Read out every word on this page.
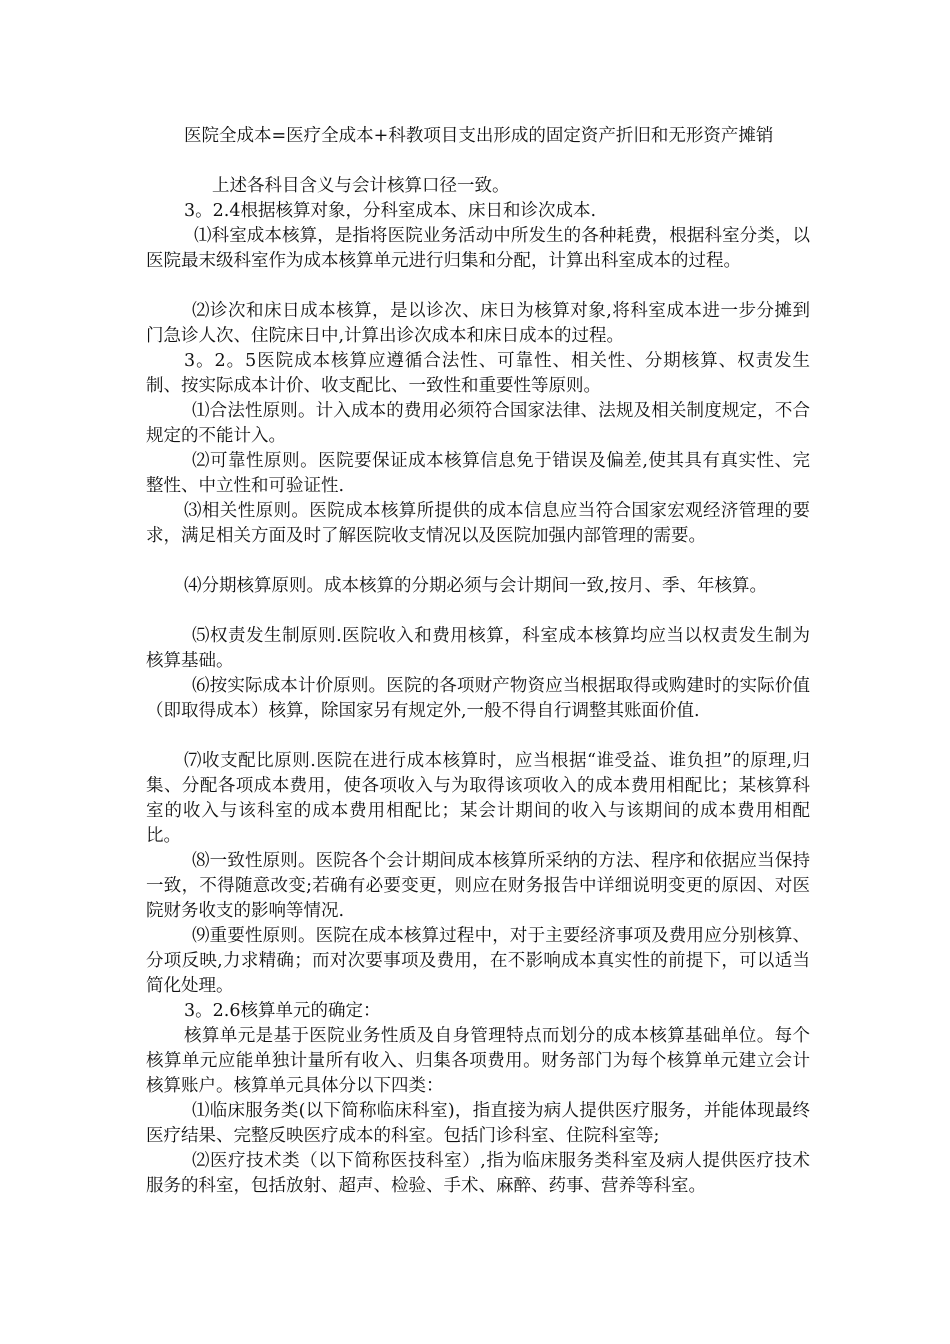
医院全成本=医疗全成本+科教项目支出形成的固定资产折旧和无形资产摊销

上述各科目含义与会计核算口径一致。

3。2.4根据核算对象，分科室成本、床日和诊次成本.

⑴科室成本核算，是指将医院业务活动中所发生的各种耗费，根据科室分类，以医院最末级科室作为成本核算单元进行归集和分配，计算出科室成本的过程。

⑵诊次和床日成本核算，是以诊次、床日为核算对象,将科室成本进一步分摊到门急诊人次、住院床日中,计算出诊次成本和床日成本的过程。

3。2。5医院成本核算应遵循合法性、可靠性、相关性、分期核算、权责发生制、按实际成本计价、收支配比、一致性和重要性等原则。

⑴合法性原则。计入成本的费用必须符合国家法律、法规及相关制度规定，不合规定的不能计入。

⑵可靠性原则。医院要保证成本核算信息免于错误及偏差,使其具有真实性、完整性、中立性和可验证性.

⑶相关性原则。医院成本核算所提供的成本信息应当符合国家宏观经济管理的要求，满足相关方面及时了解医院收支情况以及医院加强内部管理的需要。

⑷分期核算原则。成本核算的分期必须与会计期间一致,按月、季、年核算。

⑸权责发生制原则.医院收入和费用核算，科室成本核算均应当以权责发生制为核算基础。

⑹按实际成本计价原则。医院的各项财产物资应当根据取得或购建时的实际价值（即取得成本）核算，除国家另有规定外,一般不得自行调整其账面价值.

⑺收支配比原则.医院在进行成本核算时，应当根据“谁受益、谁负担”的原理,归集、分配各项成本费用，使各项收入与为取得该项收入的成本费用相配比；某核算科室的收入与该科室的成本费用相配比；某会计期间的收入与该期间的成本费用相配比。

⑻一致性原则。医院各个会计期间成本核算所采纳的方法、程序和依据应当保持一致，不得随意改变;若确有必要变更，则应在财务报告中详细说明变更的原因、对医院财务收支的影响等情况.

⑼重要性原则。医院在成本核算过程中，对于主要经济事项及费用应分别核算、分项反映,力求精确；而对次要事项及费用，在不影响成本真实性的前提下，可以适当简化处理。

3。2.6核算单元的确定：

核算单元是基于医院业务性质及自身管理特点而划分的成本核算基础单位。每个核算单元应能单独计量所有收入、归集各项费用。财务部门为每个核算单元建立会计核算账户。核算单元具体分以下四类：

⑴临床服务类(以下简称临床科室)，指直接为病人提供医疗服务，并能体现最终医疗结果、完整反映医疗成本的科室。包括门诊科室、住院科室等;

⑵医疗技术类（以下简称医技科室）,指为临床服务类科室及病人提供医疗技术服务的科室，包括放射、超声、检验、手术、麻醉、药事、营养等科室。
